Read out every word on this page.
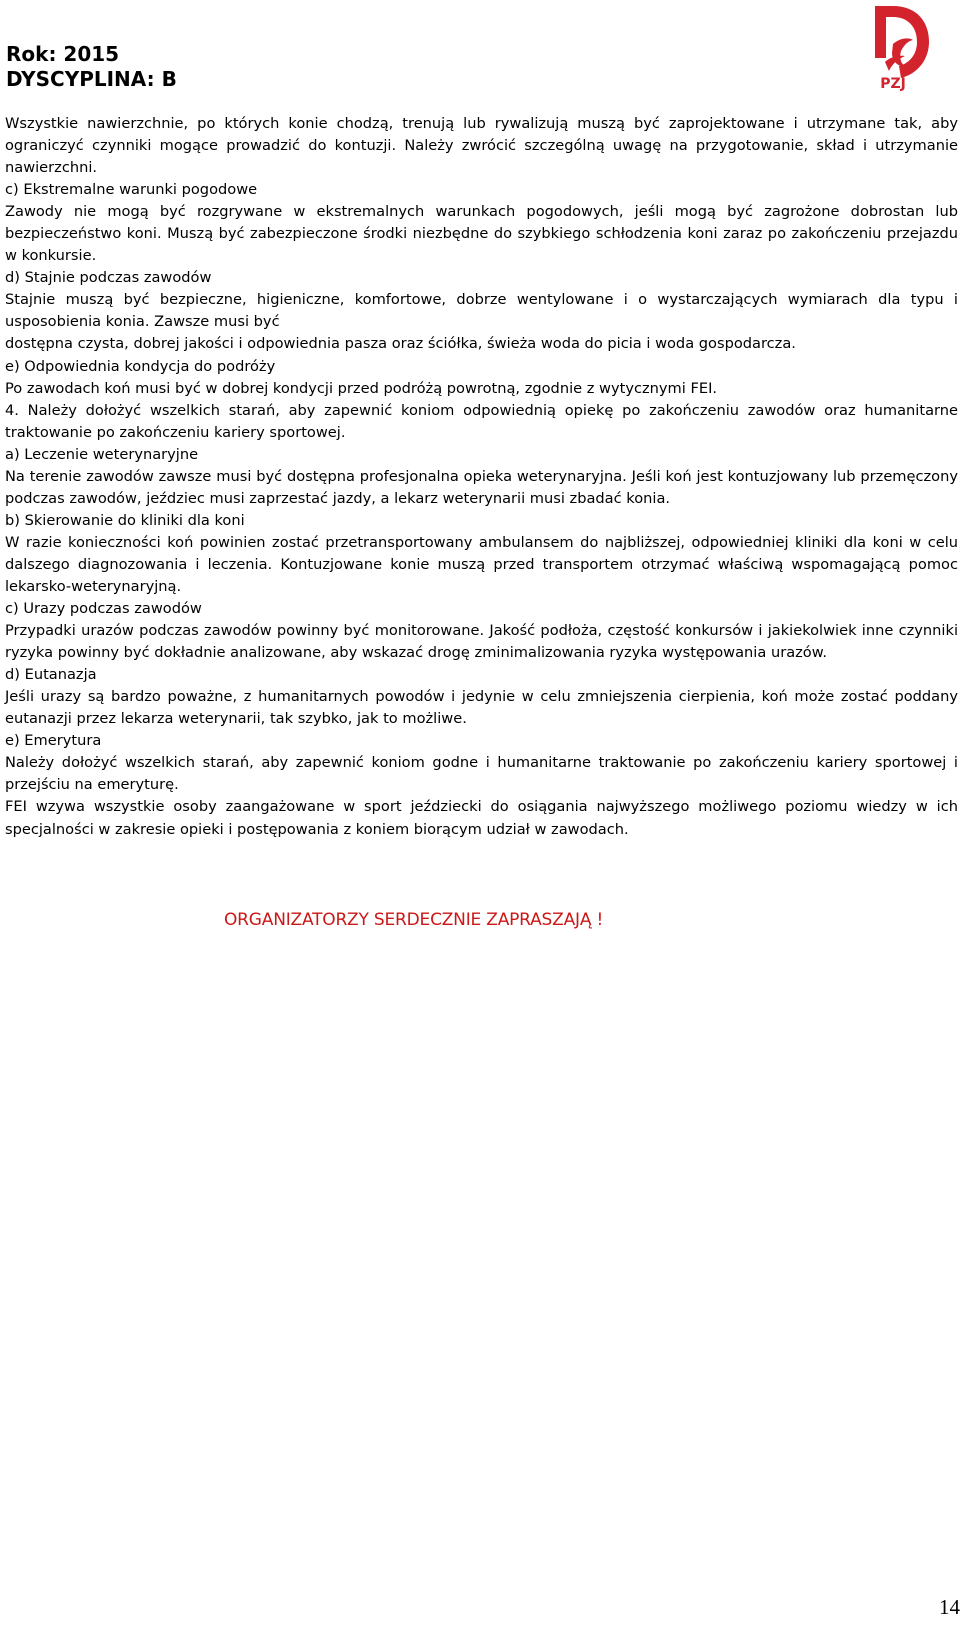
Rok: 2015
DYSCYPLINA: B	PZJ

Wszystkie nawierzchnie, po których konie chodzą, trenują lub rywalizują muszą być zaprojektowane i utrzymane tak, aby ograniczyć czynniki mogące prowadzić do kontuzji. Należy zwrócić szczególną uwagę na przygotowanie, skład i utrzymanie nawierzchni.

c) Ekstremalne warunki pogodowe

Zawody nie mogą być rozgrywane w ekstremalnych warunkach pogodowych, jeśli mogą być zagrożone dobrostan lub bezpieczeństwo koni. Muszą być zabezpieczone środki niezbędne do szybkiego schłodzenia koni zaraz po zakończeniu przejazdu w konkursie.

d) Stajnie podczas zawodów

Stajnie muszą być bezpieczne, higieniczne, komfortowe, dobrze wentylowane i o wystarczających wymiarach dla typu i usposobienia konia. Zawsze musi być

dostępna czysta, dobrej jakości i odpowiednia pasza oraz ściółka, świeża woda do picia i woda gospodarcza.

e) Odpowiednia kondycja do podróży

Po zawodach koń musi być w dobrej kondycji przed podróżą powrotną, zgodnie z wytycznymi FEI.

4. Należy dołożyć wszelkich starań, aby zapewnić koniom odpowiednią opiekę po zakończeniu zawodów oraz humanitarne traktowanie po zakończeniu kariery sportowej.

a) Leczenie weterynaryjne

Na terenie zawodów zawsze musi być dostępna profesjonalna opieka weterynaryjna. Jeśli koń jest kontuzjowany lub przemęczony podczas zawodów, jeździec musi zaprzestać jazdy, a lekarz weterynarii musi zbadać konia.

b) Skierowanie do kliniki dla koni

W razie konieczności koń powinien zostać przetransportowany ambulansem do najbliższej, odpowiedniej kliniki dla koni w celu dalszego diagnozowania i leczenia. Kontuzjowane konie muszą przed transportem otrzymać właściwą wspomagającą pomoc lekarsko-weterynaryjną.

c) Urazy podczas zawodów

Przypadki urazów podczas zawodów powinny być monitorowane. Jakość podłoża, częstość konkursów i jakiekolwiek inne czynniki ryzyka powinny być dokładnie analizowane, aby wskazać drogę zminimalizowania ryzyka występowania urazów.

d) Eutanazja

Jeśli urazy są bardzo poważne, z humanitarnych powodów i jedynie w celu zmniejszenia cierpienia, koń może zostać poddany eutanazji przez lekarza weterynarii, tak szybko, jak to możliwe.

e) Emerytura

Należy dołożyć wszelkich starań, aby zapewnić koniom godne i humanitarne traktowanie po zakończeniu kariery sportowej i przejściu na emeryturę.

FEI wzywa wszystkie osoby zaangażowane w sport jeździecki do osiągania najwyższego możliwego poziomu wiedzy w ich specjalności w zakresie opieki i postępowania z koniem biorącym udział w zawodach.

ORGANIZATORZY SERDECZNIE ZAPRASZAJĄ !
14
